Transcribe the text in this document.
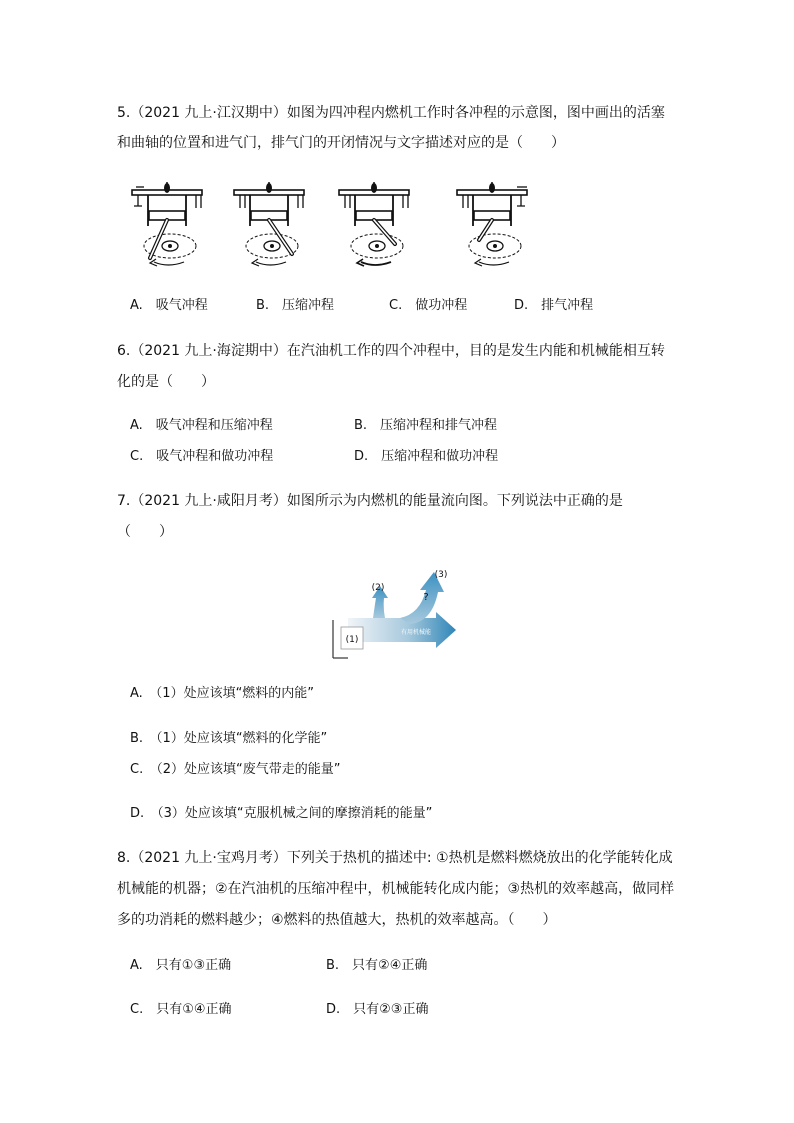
5.（2021 九上·江汉期中）如图为四冲程内燃机工作时各冲程的示意图，图中画出的活塞
和曲轴的位置和进气门，排气门的开闭情况与文字描述对应的是（　　）
A.　吸气冲程	B.　压缩冲程	C.　做功冲程	D.　排气冲程
6.（2021 九上·海淀期中）在汽油机工作的四个冲程中，目的是发生内能和机械能相互转
化的是（　　）
A.　吸气冲程和压缩冲程	B.　压缩冲程和排气冲程
C.　吸气冲程和做功冲程	D.　压缩冲程和做功冲程
7.（2021 九上·咸阳月考）如图所示为内燃机的能量流向图。下列说法中正确的是
（　　）
(1)
(2)
(3)
?
有用机械能
A.　（1）处应该填“燃料的内能”
B.　（1）处应该填“燃料的化学能”
C.　（2）处应该填“废气带走的能量”
D.　（3）处应该填“克服机械之间的摩擦消耗的能量”
8.（2021 九上·宝鸡月考）下列关于热机的描述中: ①热机是燃料燃烧放出的化学能转化成
机械能的机器；②在汽油机的压缩冲程中，机械能转化成内能；③热机的效率越高，做同样
多的功消耗的燃料越少；④燃料的热值越大，热机的效率越高。（　　）
A.　只有①③正确	B.　只有②④正确
C.　只有①④正确	D.　只有②③正确
